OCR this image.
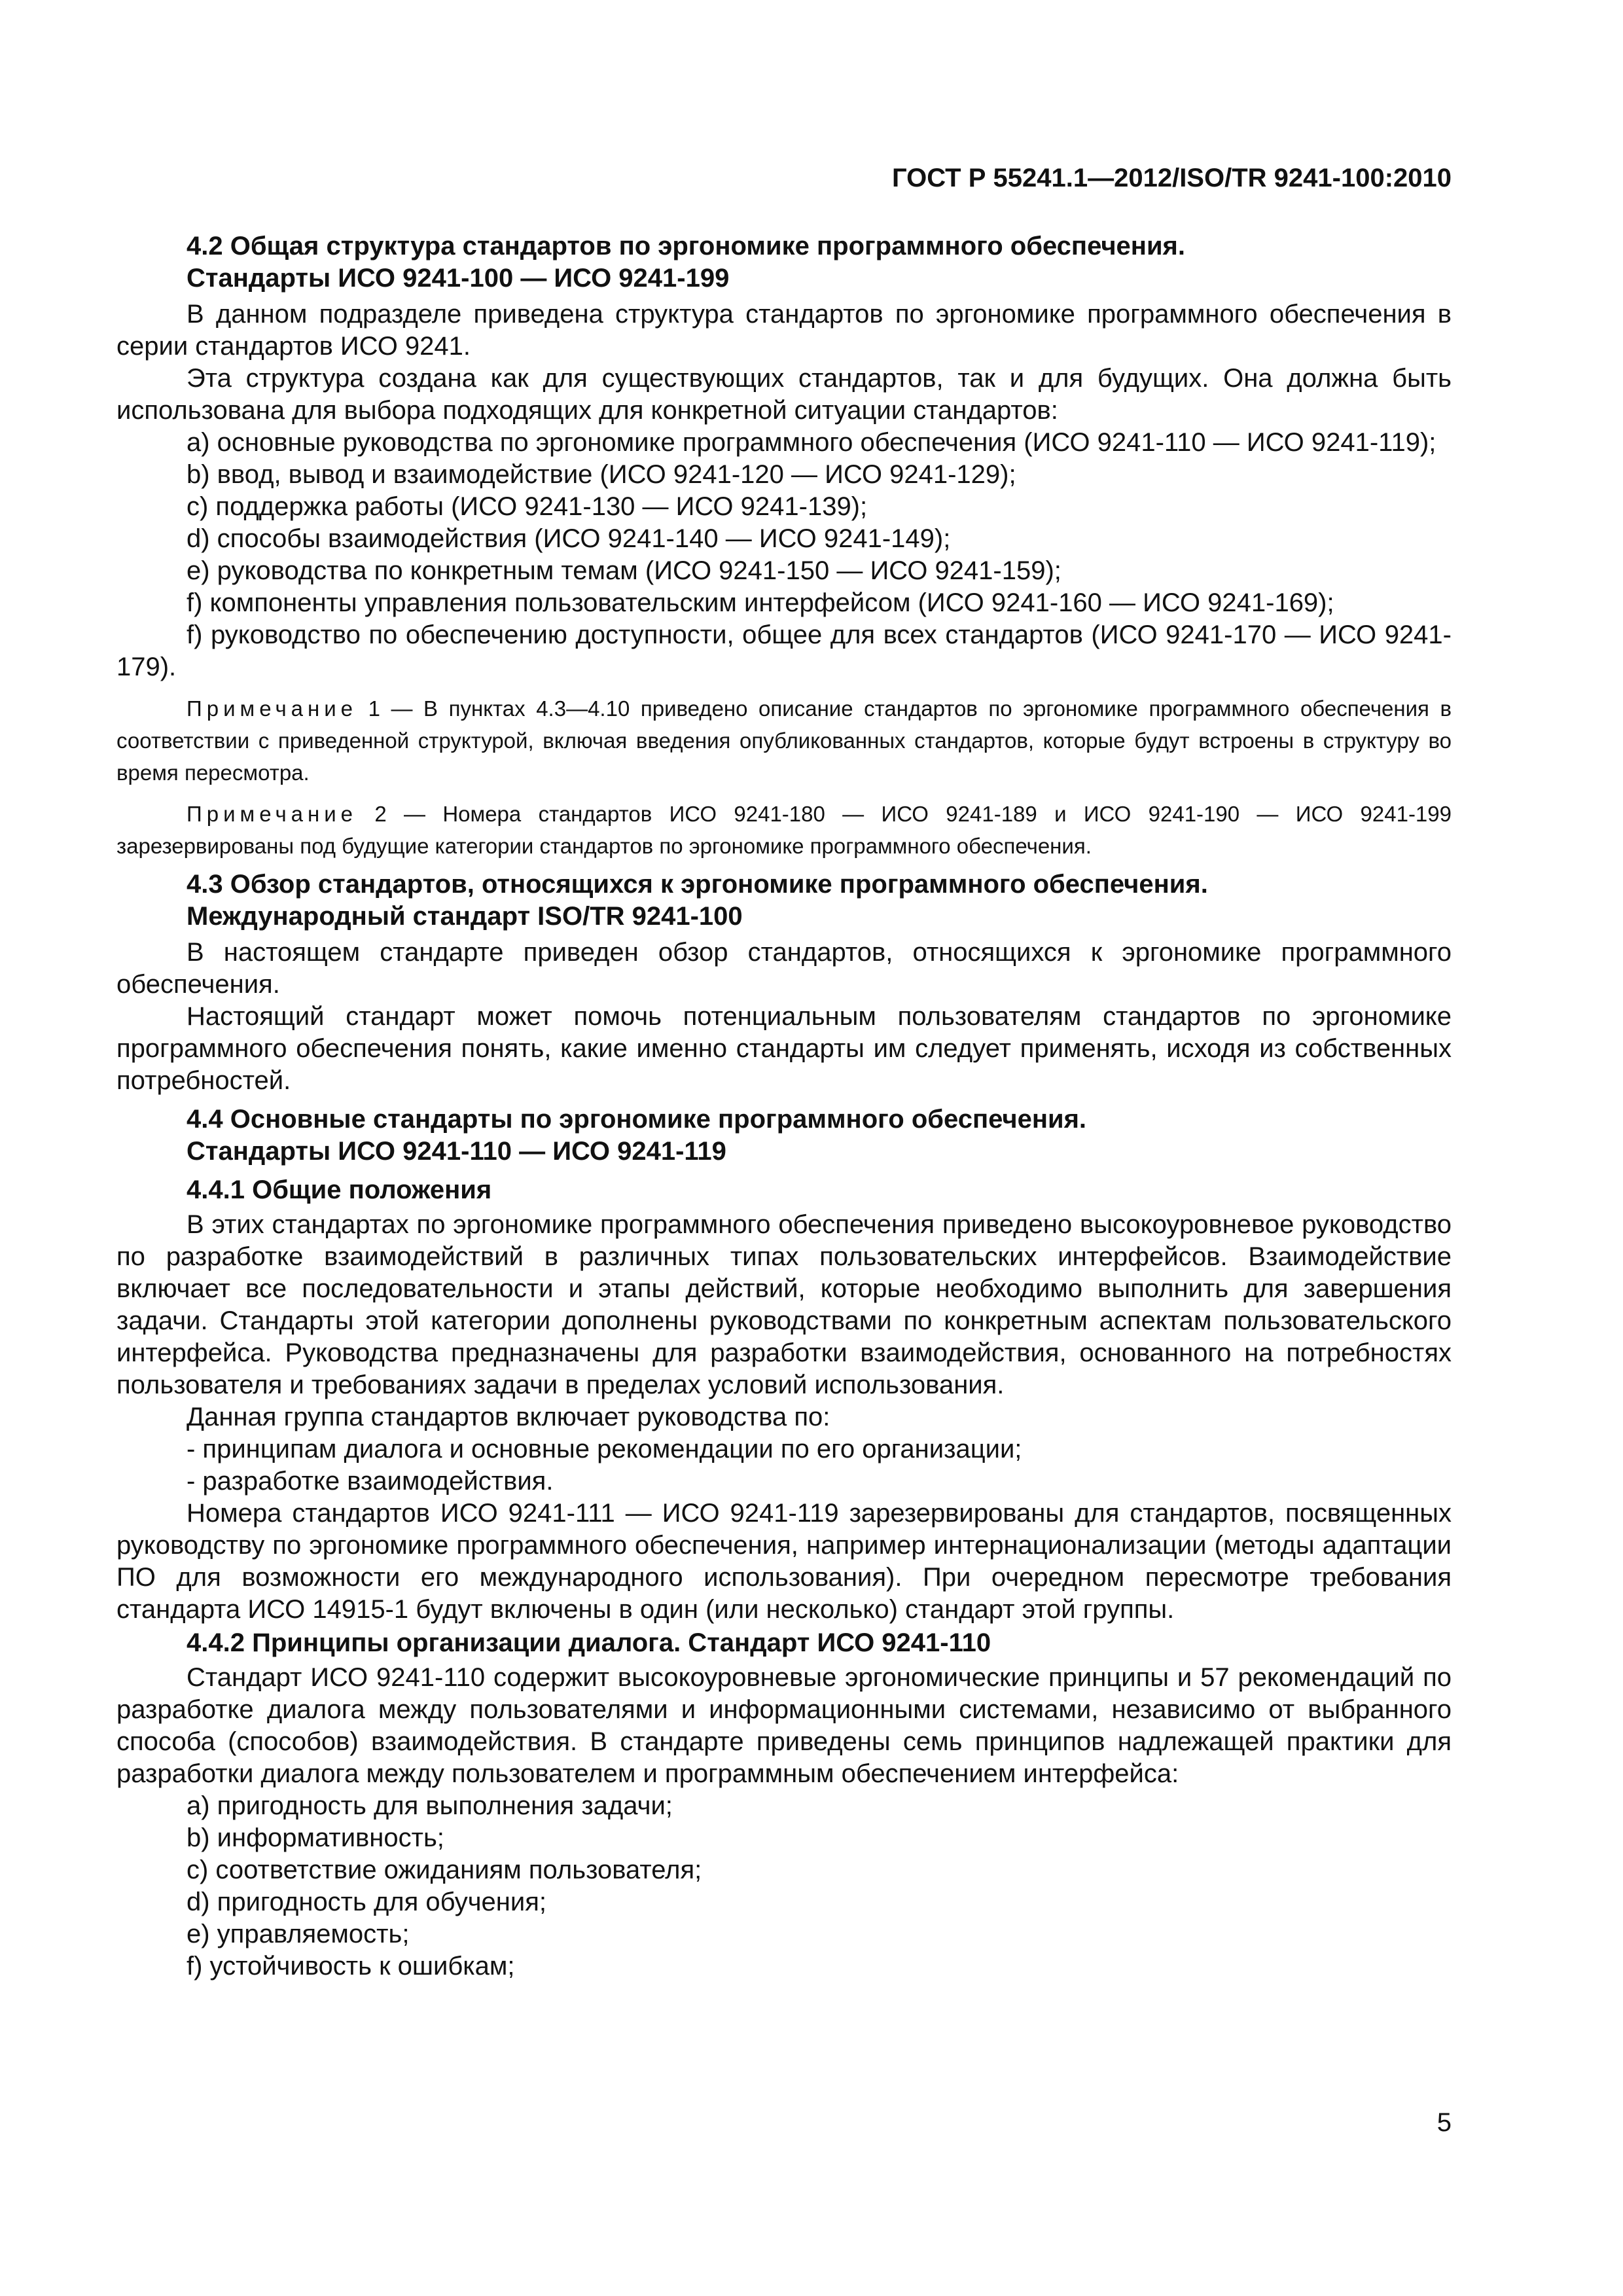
ГОСТ Р 55241.1—2012/ISO/TR 9241-100:2010
4.2 Общая структура стандартов по эргономике программного обеспечения.
Стандарты ИСО 9241-100 — ИСО 9241-199

В данном подразделе приведена структура стандартов по эргономике программного обеспечения в серии стандартов ИСО 9241.

Эта структура создана как для существующих стандартов, так и для будущих. Она должна быть использована для выбора подходящих для конкретной ситуации стандартов:

a) основные руководства по эргономике программного обеспечения (ИСО 9241-110 — ИСО 9241-119);

b) ввод, вывод и взаимодействие (ИСО 9241-120 — ИСО 9241-129);

c) поддержка работы (ИСО 9241-130 — ИСО 9241-139);

d) способы взаимодействия (ИСО 9241-140 — ИСО 9241-149);

e) руководства по конкретным темам (ИСО 9241-150 — ИСО 9241-159);

f) компоненты управления пользовательским интерфейсом (ИСО 9241-160 — ИСО 9241-169);

f) руководство по обеспечению доступности, общее для всех стандартов (ИСО 9241-170 — ИСО 9241-179).

Примечание 1 — В пунктах 4.3—4.10 приведено описание стандартов по эргономике программного обеспечения в соответствии с приведенной структурой, включая введения опубликованных стандартов, которые будут встроены в структуру во время пересмотра.

Примечание 2 — Номера стандартов ИСО 9241-180 — ИСО 9241-189 и ИСО 9241-190 — ИСО 9241-199 зарезервированы под будущие категории стандартов по эргономике программного обеспечения.

4.3 Обзор стандартов, относящихся к эргономике программного обеспечения.
Международный стандарт ISO/TR 9241-100

В настоящем стандарте приведен обзор стандартов, относящихся к эргономике программного обеспечения.

Настоящий стандарт может помочь потенциальным пользователям стандартов по эргономике программного обеспечения понять, какие именно стандарты им следует применять, исходя из собственных потребностей.

4.4 Основные стандарты по эргономике программного обеспечения.
Стандарты ИСО 9241-110 — ИСО 9241-119
4.4.1 Общие положения

В этих стандартах по эргономике программного обеспечения приведено высокоуровневое руководство по разработке взаимодействий в различных типах пользовательских интерфейсов. Взаимодействие включает все последовательности и этапы действий, которые необходимо выполнить для завершения задачи. Стандарты этой категории дополнены руководствами по конкретным аспектам пользовательского интерфейса. Руководства предназначены для разработки взаимодействия, основанного на потребностях пользователя и требованиях задачи в пределах условий использования.

Данная группа стандартов включает руководства по:

- принципам диалога и основные рекомендации по его организации;

- разработке взаимодействия.

Номера стандартов ИСО 9241-111 — ИСО 9241-119 зарезервированы для стандартов, посвященных руководству по эргономике программного обеспечения, например интернационализации (методы адаптации ПО для возможности его международного использования). При очередном пересмотре требования стандарта ИСО 14915-1 будут включены в один (или несколько) стандарт этой группы.

4.4.2 Принципы организации диалога. Стандарт ИСО 9241-110

Стандарт ИСО 9241-110 содержит высокоуровневые эргономические принципы и 57 рекомендаций по разработке диалога между пользователями и информационными системами, независимо от выбранного способа (способов) взаимодействия. В стандарте приведены семь принципов надлежащей практики для разработки диалога между пользователем и программным обеспечением интерфейса:

a) пригодность для выполнения задачи;

b) информативность;

c) соответствие ожиданиям пользователя;

d) пригодность для обучения;

e) управляемость;

f) устойчивость к ошибкам;

5
